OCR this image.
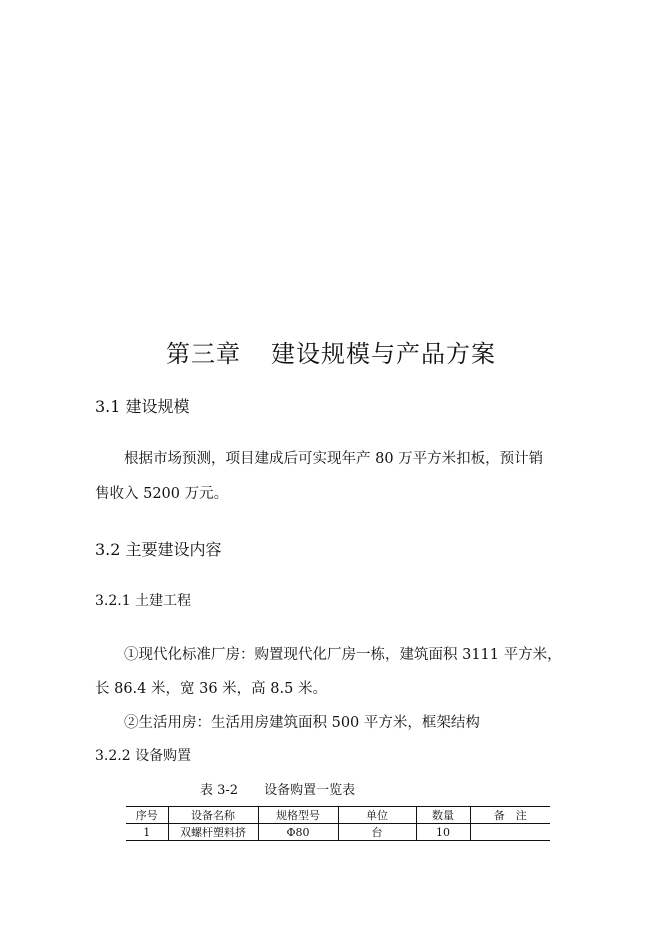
第三章 建设规模与产品方案
3.1 建设规模
根据市场预测，项目建成后可实现年产 80 万平方米扣板，预计销
售收入 5200 万元。
3.2 主要建设内容
3.2.1 土建工程
①现代化标准厂房：购置现代化厂房一栋，建筑面积 3111 平方米，
长 86.4 米，宽 36 米，高 8.5 米。
②生活用房：生活用房建筑面积 500 平方米，框架结构
3.2.2 设备购置
表 3-2 设备购置一览表
序号	设备名称	规格型号	单位	数量	备　注
1	双螺杆塑料挤	Φ80	台	10	
